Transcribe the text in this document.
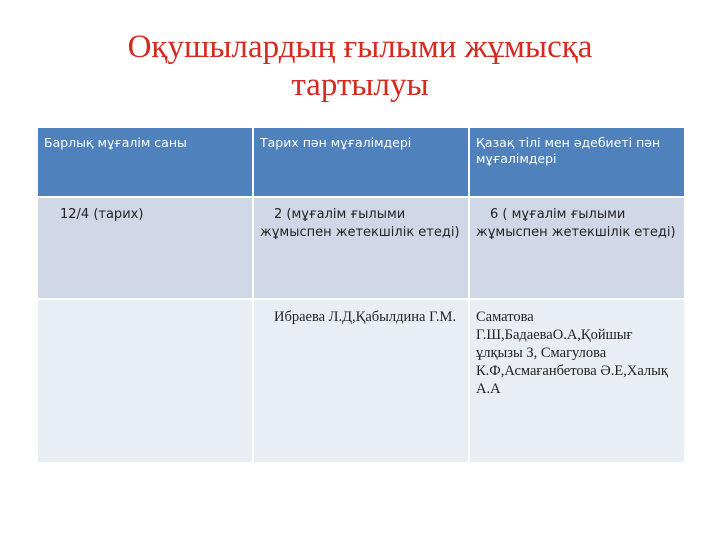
Оқушылардың ғылыми жұмысқа
тартылуы
Барлық мұғалім саны	Тарих пән мұғалімдері	Қазақ тілі мен әдебиеті пән мұғалімдері

12/4 (тарих)	2 (мұғалім ғылыми жұмыспен жетекшілік етеді)	6 ( мұғалім ғылыми жұмыспен жетекшілік етеді)

	Ибраева Л.Д,Қабылдина Г.М.	Саматова Г.Ш,БадаеваО.А,Қойшығ ұлқызы З, Смагулова К.Ф,Асмағанбетова Ә.Е,Халық А.А
